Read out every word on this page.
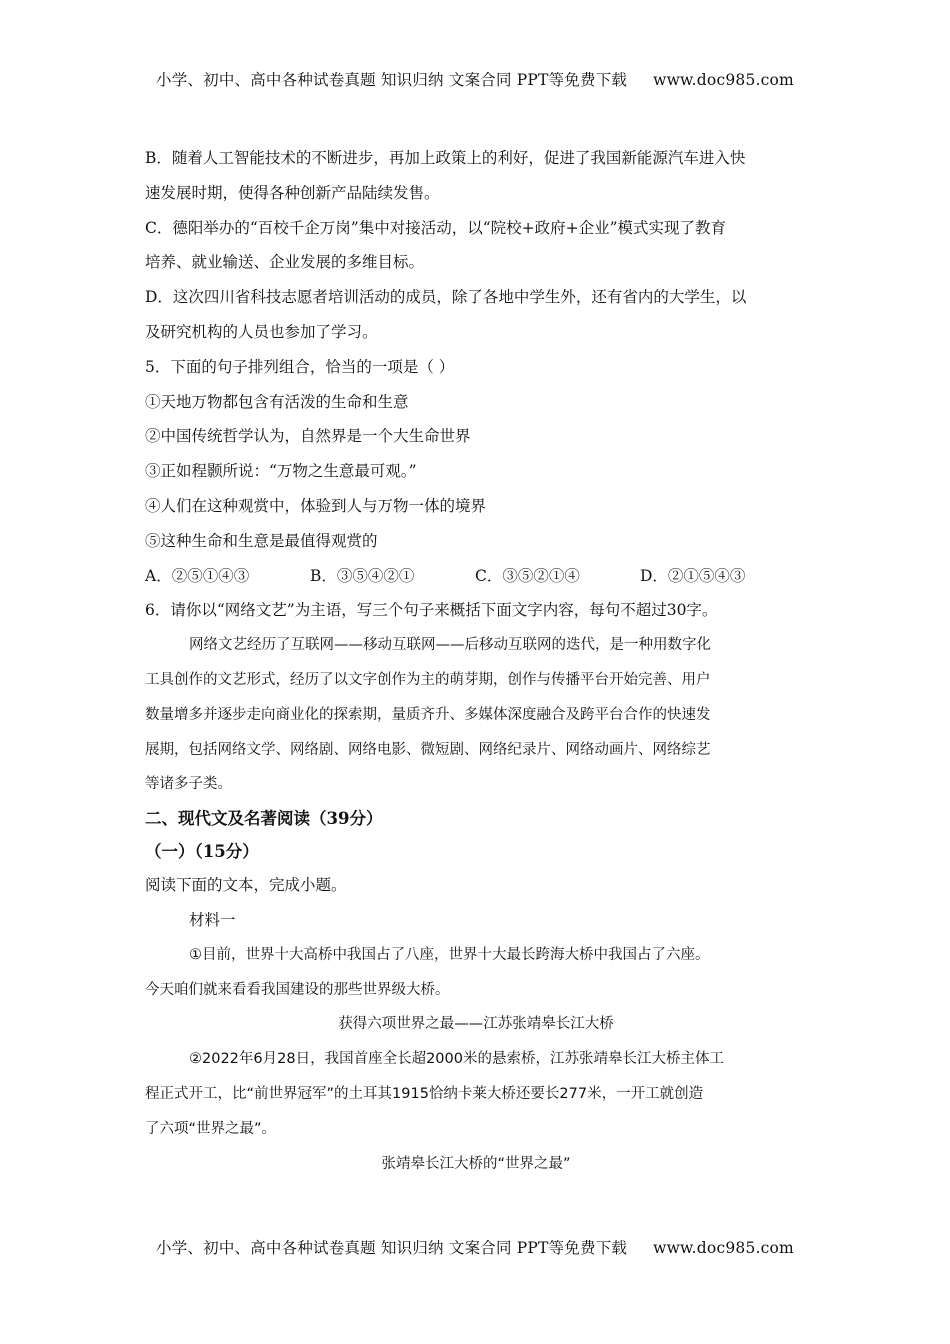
小学、初中、高中各种试卷真题 知识归纳 文案合同 PPT等免费下载 www.doc985.com

B．随着人工智能技术的不断进步，再加上政策上的利好，促进了我国新能源汽车进入快

速发展时期，使得各种创新产品陆续发售。

C．德阳举办的“百校千企万岗”集中对接活动，以“院校+政府+企业”模式实现了教育

培养、就业输送、企业发展的多维目标。

D．这次四川省科技志愿者培训活动的成员，除了各地中学生外，还有省内的大学生，以

及研究机构的人员也参加了学习。

5．下面的句子排列组合，恰当的一项是（ ）

①天地万物都包含有活泼的生命和生意

②中国传统哲学认为，自然界是一个大生命世界

③正如程颢所说：“万物之生意最可观。”

④人们在这种观赏中，体验到人与万物一体的境界

⑤这种生命和生意是最值得观赏的

A．②⑤①④③	B．③⑤④②①	C．③⑤②①④	D．②①⑤④③

6．请你以“网络文艺”为主语，写三个句子来概括下面文字内容，每句不超过30字。

网络文艺经历了互联网——移动互联网——后移动互联网的迭代，是一种用数字化

工具创作的文艺形式，经历了以文字创作为主的萌芽期，创作与传播平台开始完善、用户

数量增多并逐步走向商业化的探索期，量质齐升、多媒体深度融合及跨平台合作的快速发

展期，包括网络文学、网络剧、网络电影、微短剧、网络纪录片、网络动画片、网络综艺

等诸多子类。

二、现代文及名著阅读（39分）

（一）（15分）

阅读下面的文本，完成小题。

材料一

①目前，世界十大高桥中我国占了八座，世界十大最长跨海大桥中我国占了六座。

今天咱们就来看看我国建设的那些世界级大桥。

获得六项世界之最——江苏张靖皋长江大桥

②2022年6月28日，我国首座全长超2000米的悬索桥，江苏张靖皋长江大桥主体工

程正式开工，比“前世界冠军”的土耳其1915恰纳卡莱大桥还要长277米，一开工就创造

了六项“世界之最”。

张靖皋长江大桥的“世界之最”

小学、初中、高中各种试卷真题 知识归纳 文案合同 PPT等免费下载 www.doc985.com
